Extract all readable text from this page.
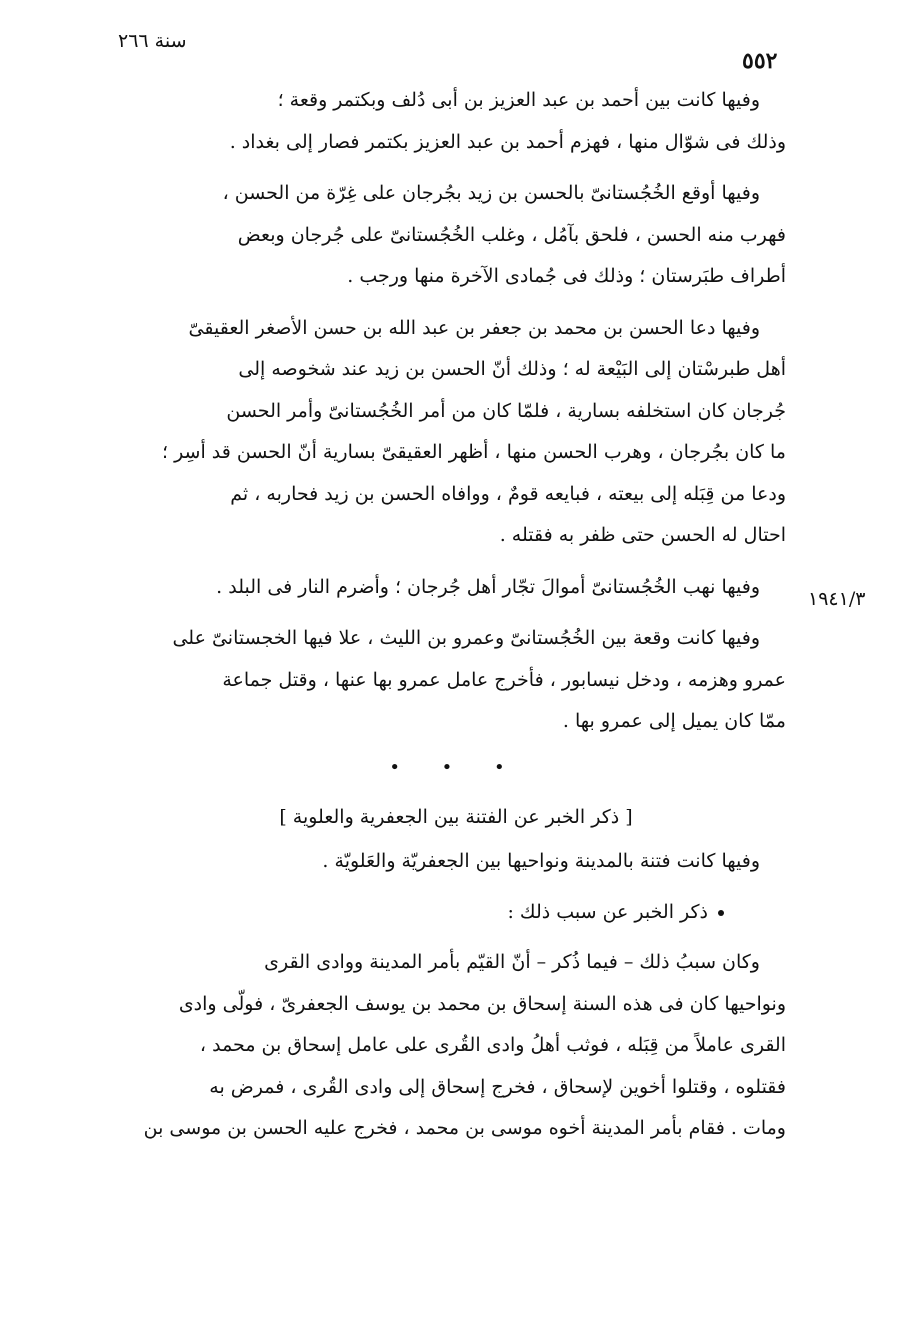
سنة ٢٦٦
٥٥٢
١٩٤١/٣
وفيها كانت بين أحمد بن عبد العزيز بن أبى دُلف وبكتمر وقعة ؛
وذلك فى شوّال منها ، فهزم أحمد بن عبد العزيز بكتمر فصار إلى بغداد .
وفيها أوقع الخُجُستانىّ بالحسن بن زيد بجُرجان على غِرّة من الحسن ،
فهرب منه الحسن ، فلحق بآمُل ، وغلب الخُجُستانىّ على جُرجان وبعض
أطراف طبَرستان ؛ وذلك فى جُمادى الآخرة منها ورجب .
وفيها دعا الحسن بن محمد بن جعفر بن عبد الله بن حسن الأصغر العقيقىّ
أهل طبرسْتان إلى البَيْعة له ؛ وذلك أنّ الحسن بن زيد عند شخوصه إلى
جُرجان كان استخلفه بسارية ، فلمّا كان من أمر الخُجُستانىّ وأمر الحسن
ما كان بجُرجان ، وهرب الحسن منها ، أظهر العقيقىّ بسارية أنّ الحسن قد أسِر ؛
ودعا من قِبَله إلى بيعته ، فبايعه قومٌ ، ووافاه الحسن بن زيد فحاربه ، ثم
احتال له الحسن حتى ظفر به فقتله .
وفيها نهب الخُجُستانىّ أموالَ تجّار أهل جُرجان ؛ وأضرم النار فى البلد .
وفيها كانت وقعة بين الخُجُستانىّ وعمرو بن الليث ، علا فيها الخجستانىّ على
عمرو وهزمه ، ودخل نيسابور ، فأخرج عامل عمرو بها عنها ، وقتل جماعة
ممّا كان يميل إلى عمرو بها .
• • •
[ ذكر الخبر عن الفتنة بين الجعفرية والعلوية ]
وفيها كانت فتنة بالمدينة ونواحيها بين الجعفريّة والعَلويّة .
ذكر الخبر عن سبب ذلك :
وكان سببُ ذلك – فيما ذُكر – أنّ القيّم بأمر المدينة ووادى القرى
ونواحيها كان فى هذه السنة إسحاق بن محمد بن يوسف الجعفرىّ ، فولّى وادى
القرى عاملاً من قِبَله ، فوثب أهلُ وادى القُرى على عامل إسحاق بن محمد ،
فقتلوه ، وقتلوا أخوين لإسحاق ، فخرج إسحاق إلى وادى القُرى ، فمرض به
ومات . فقام بأمر المدينة أخوه موسى بن محمد ، فخرج عليه الحسن بن موسى بن
